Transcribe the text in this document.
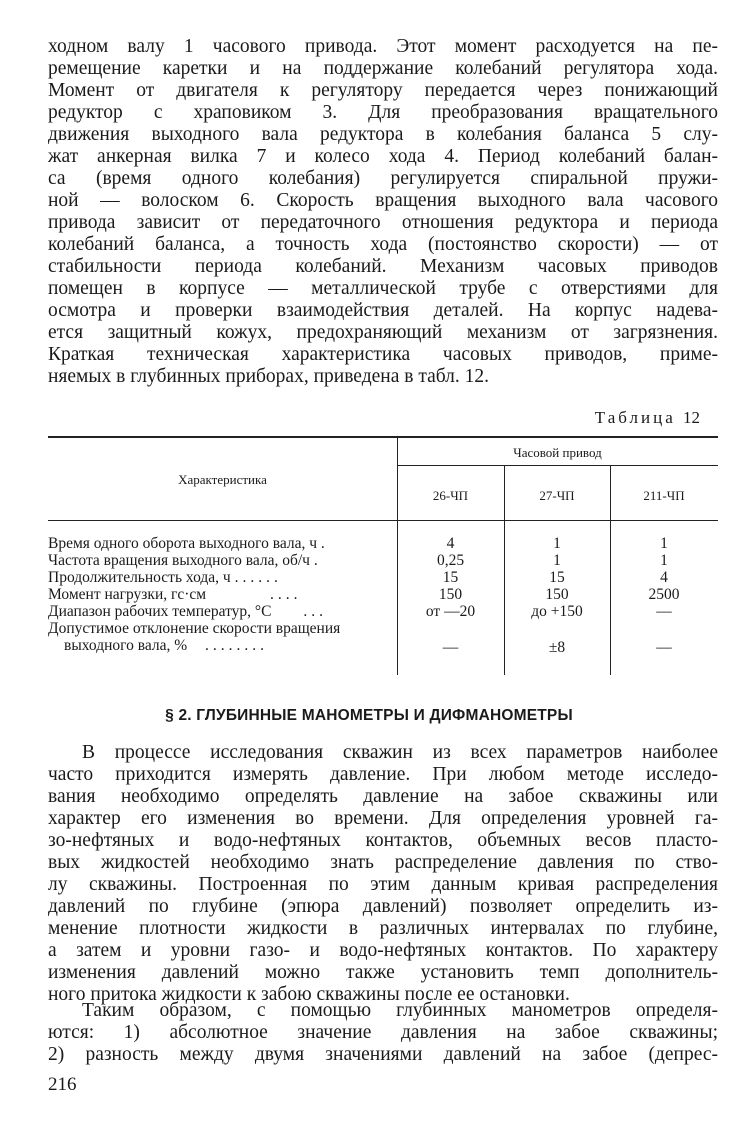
ходном валу 1 часового привода. Этот момент расходуется на пе-
ремещение каретки и на поддержание колебаний регулятора хода.
Момент от двигателя к регулятору передается через понижающий
редуктор с храповиком 3. Для преобразования вращательного
движения выходного вала редуктора в колебания баланса 5 слу-
жат анкерная вилка 7 и колесо хода 4. Период колебаний балан-
са (время одного колебания) регулируется спиральной пружи-
ной — волоском 6. Скорость вращения выходного вала часового
привода зависит от передаточного отношения редуктора и периода
колебаний баланса, а точность хода (постоянство скорости) — от
стабильности периода колебаний. Механизм часовых приводов
помещен в корпусе — металлической трубе с отверстиями для
осмотра и проверки взаимодействия деталей. На корпус надева-
ется защитный кожух, предохраняющий механизм от загрязнения.
Краткая техническая характеристика часовых приводов, приме-
няемых в глубинных приборах, приведена в табл. 12.
Таблица 12
Характеристика
Часовой привод
26-ЧП	27-ЧП	211-ЧП
Время одного оборота выходного вала, ч .	4	1	1
Частота вращения выходного вала, об/ч .	0,25	1	1
Продолжительность хода, ч ......	15	15	4
Момент нагрузки, гс·см	....	150	150	2500
Диапазон рабочих температур, °С ...	от —20	до +150	—
Допустимое отклонение скорости вращения
выходного вала, % ........	—	±8	—
§ 2. ГЛУБИННЫЕ МАНОМЕТРЫ И ДИФМАНОМЕТРЫ
В процессе исследования скважин из всех параметров наиболее
часто приходится измерять давление. При любом методе исследо-
вания необходимо определять давление на забое скважины или
характер его изменения во времени. Для определения уровней га-
зо-нефтяных и водо-нефтяных контактов, объемных весов пласто-
вых жидкостей необходимо знать распределение давления по ство-
лу скважины. Построенная по этим данным кривая распределения
давлений по глубине (эпюра давлений) позволяет определить из-
менение плотности жидкости в различных интервалах по глубине,
а затем и уровни газо- и водо-нефтяных контактов. По характеру
изменения давлений можно также установить темп дополнитель-
ного притока жидкости к забою скважины после ее остановки.
Таким образом, с помощью глубинных манометров определя-
ются: 1) абсолютное значение давления на забое скважины;
2) разность между двумя значениями давлений на забое (депрес-
216
